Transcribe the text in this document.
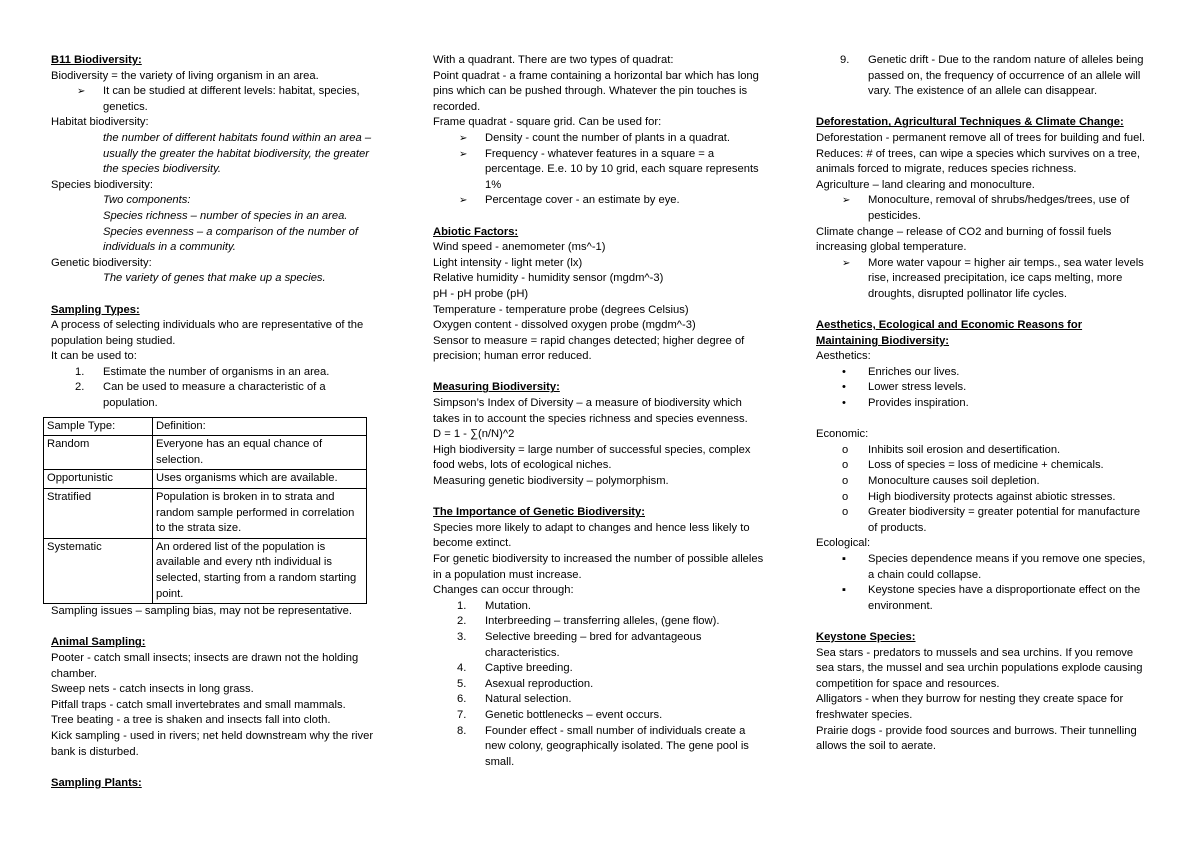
B11 Biodiversity:

Biodiversity = the variety of living organism in an area.

➢ It can be studied at different levels: habitat, species, genetics.

Habitat biodiversity:

the number of different habitats found within an area – usually the greater the habitat biodiversity, the greater the species biodiversity.

Species biodiversity:

Two components:

Species richness – number of species in an area.

Species evenness – a comparison of the number of individuals in a community.

Genetic biodiversity:

The variety of genes that make up a species.

Sampling Types:

A process of selecting individuals who are representative of the population being studied.

It can be used to:

1. Estimate the number of organisms in an area.
2. Can be used to measure a characteristic of a population.
Sample Type:	Definition:
Random	Everyone has an equal chance of selection.
Opportunistic	Uses organisms which are available.
Stratified	Population is broken in to strata and random sample performed in correlation to the strata size.
Systematic	An ordered list of the population is available and every nth individual is selected, starting from a random starting point.

Sampling issues – sampling bias, may not be representative.

Animal Sampling:

Pooter - catch small insects; insects are drawn not the holding chamber.

Sweep nets - catch insects in long grass.

Pitfall traps - catch small invertebrates and small mammals.

Tree beating - a tree is shaken and insects fall into cloth.

Kick sampling - used in rivers; net held downstream why the river bank is disturbed.

Sampling Plants:

With a quadrant. There are two types of quadrat:

Point quadrat - a frame containing a horizontal bar which has long pins which can be pushed through. Whatever the pin touches is recorded.

Frame quadrat - square grid. Can be used for:

➢ Density - count the number of plants in a quadrat.
➢ Frequency - whatever features in a square = a percentage. E.e. 10 by 10 grid, each square represents 1%
➢ Percentage cover - an estimate by eye.

Abiotic Factors:

Wind speed - anemometer (ms^-1)

Light intensity - light meter (lx)

Relative humidity - humidity sensor (mgdm^-3)

pH - pH probe (pH)

Temperature - temperature probe (degrees Celsius)

Oxygen content - dissolved oxygen probe (mgdm^-3)

Sensor to measure = rapid changes detected; higher degree of precision; human error reduced.

Measuring Biodiversity:

Simpson’s Index of Diversity – a measure of biodiversity which takes in to account the species richness and species evenness.

D = 1 - ∑(n/N)^2

High biodiversity = large number of successful species, complex food webs, lots of ecological niches.

Measuring genetic biodiversity – polymorphism.

The Importance of Genetic Biodiversity:

Species more likely to adapt to changes and hence less likely to become extinct.

For genetic biodiversity to increased the number of possible alleles in a population must increase.

Changes can occur through:

1. Mutation.
2. Interbreeding – transferring alleles, (gene flow).
3. Selective breeding – bred for advantageous characteristics.
4. Captive breeding.
5. Asexual reproduction.
6. Natural selection.
7. Genetic bottlenecks – event occurs.
8. Founder effect - small number of individuals create a new colony, geographically isolated. The gene pool is small.
9. Genetic drift - Due to the random nature of alleles being passed on, the frequency of occurrence of an allele will vary. The existence of an allele can disappear.

Deforestation, Agricultural Techniques & Climate Change:

Deforestation - permanent remove all of trees for building and fuel.

Reduces: # of trees, can wipe a species which survives on a tree, animals forced to migrate, reduces species richness.

Agriculture – land clearing and monoculture.

➢ Monoculture, removal of shrubs/hedges/trees, use of pesticides.

Climate change – release of CO2 and burning of fossil fuels increasing global temperature.

➢ More water vapour = higher air temps., sea water levels rise, increased precipitation, ice caps melting, more droughts, disrupted pollinator life cycles.

Aesthetics, Ecological and Economic Reasons for Maintaining Biodiversity:

Aesthetics:

• Enriches our lives.
• Lower stress levels.
• Provides inspiration.

Economic:

o Inhibits soil erosion and desertification.
o Loss of species = loss of medicine + chemicals.
o Monoculture causes soil depletion.
o High biodiversity protects against abiotic stresses.
o Greater biodiversity = greater potential for manufacture of products.

Ecological:

▪ Species dependence means if you remove one species, a chain could collapse.
▪ Keystone species have a disproportionate effect on the environment.

Keystone Species:

Sea stars - predators to mussels and sea urchins. If you remove sea stars, the mussel and sea urchin populations explode causing competition for space and resources.

Alligators - when they burrow for nesting they create space for freshwater species.

Prairie dogs - provide food sources and burrows. Their tunnelling allows the soil to aerate.
